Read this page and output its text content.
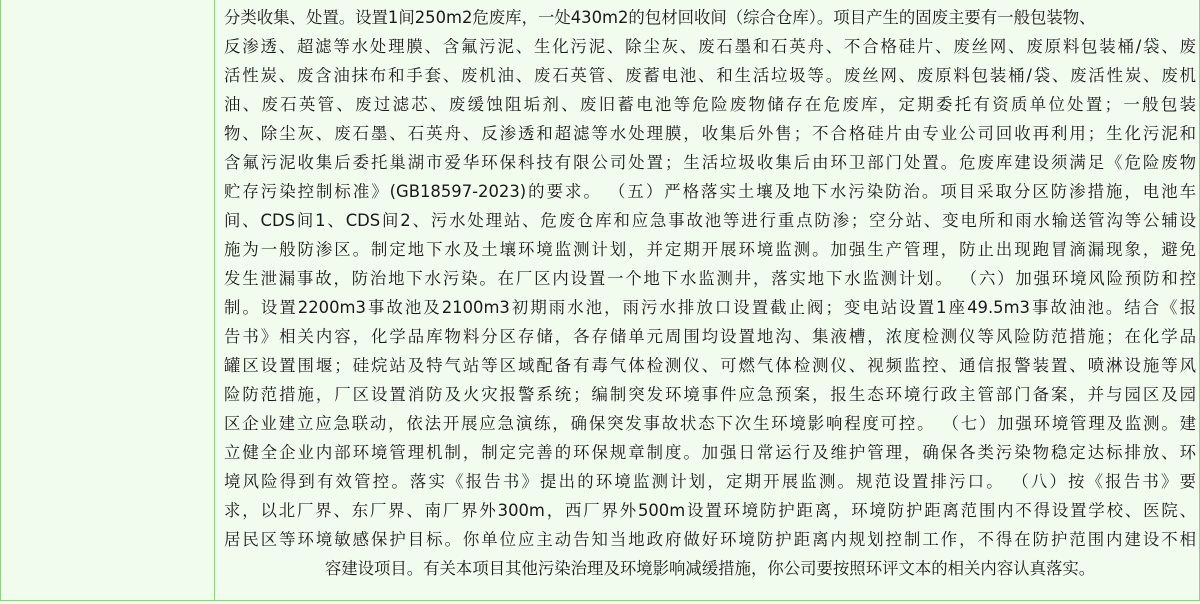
分类收集、处置。设置1间250m2危废库，一处430m2的包材回收间（综合仓库）。项目产生的固废主要有一般包装物、
反渗透、超滤等水处理膜、含氟污泥、生化污泥、除尘灰、废石墨和石英舟、不合格硅片、废丝网、废原料包装桶/袋、废
活性炭、废含油抹布和手套、废机油、废石英管、废蓄电池、和生活垃圾等。废丝网、废原料包装桶/袋、废活性炭、废机
油、废石英管、废过滤芯、废缓蚀阻垢剂、废旧蓄电池等危险废物储存在危废库，定期委托有资质单位处置；一般包装
物、除尘灰、废石墨、石英舟、反渗透和超滤等水处理膜，收集后外售；不合格硅片由专业公司回收再利用；生化污泥和
含氟污泥收集后委托巢湖市爱华环保科技有限公司处置；生活垃圾收集后由环卫部门处置。危废库建设须满足《危险废物
贮存污染控制标准》(GB18597-2023)的要求。 （五）严格落实土壤及地下水污染防治。项目采取分区防渗措施，电池车
间、CDS间1、CDS间2、污水处理站、危废仓库和应急事故池等进行重点防渗；空分站、变电所和雨水输送管沟等公辅设
施为一般防渗区。制定地下水及土壤环境监测计划，并定期开展环境监测。加强生产管理，防止出现跑冒滴漏现象，避免
发生泄漏事故，防治地下水污染。在厂区内设置一个地下水监测井，落实地下水监测计划。 （六）加强环境风险预防和控
制。设置2200m3事故池及2100m3初期雨水池，雨污水排放口设置截止阀；变电站设置1座49.5m3事故油池。结合《报
告书》相关内容，化学品库物料分区存储，各存储单元周围均设置地沟、集液槽，浓度检测仪等风险防范措施；在化学品
罐区设置围堰；硅烷站及特气站等区域配备有毒气体检测仪、可燃气体检测仪、视频监控、通信报警装置、喷淋设施等风
险防范措施，厂区设置消防及火灾报警系统；编制突发环境事件应急预案，报生态环境行政主管部门备案，并与园区及园
区企业建立应急联动，依法开展应急演练，确保突发事故状态下次生环境影响程度可控。 （七）加强环境管理及监测。建
立健全企业内部环境管理机制，制定完善的环保规章制度。加强日常运行及维护管理，确保各类污染物稳定达标排放、环
境风险得到有效管控。落实《报告书》提出的环境监测计划，定期开展监测。规范设置排污口。 （八）按《报告书》要
求，以北厂界、东厂界、南厂界外300m，西厂界外500m设置环境防护距离，环境防护距离范围内不得设置学校、医院、
居民区等环境敏感保护目标。你单位应主动告知当地政府做好环境防护距离内规划控制工作，不得在防护范围内建设不相
容建设项目。有关本项目其他污染治理及环境影响减缓措施，你公司要按照环评文本的相关内容认真落实。
